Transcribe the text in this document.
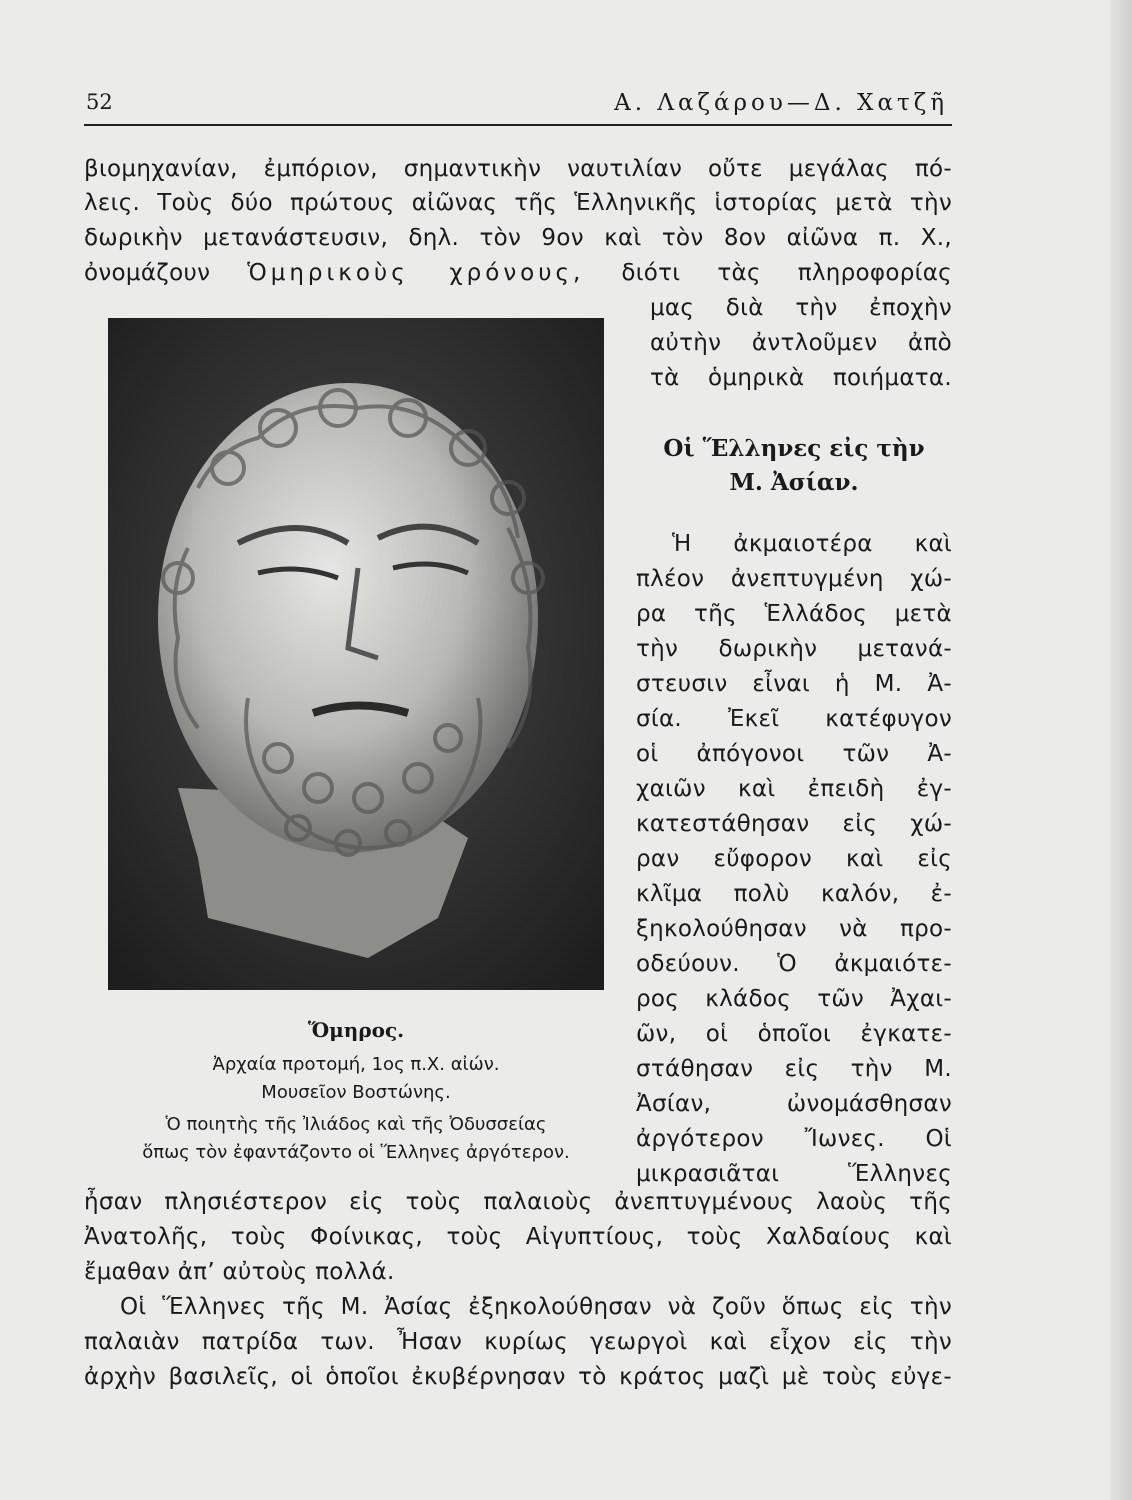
52	Α. Λαζάρου—Δ. Χατζῆ
βιομηχανίαν, ἐμπόριον, σημαντικὴν ναυτιλίαν οὔτε μεγάλας πό-
λεις. Τοὺς δύο πρώτους αἰῶνας τῆς Ἑλληνικῆς ἱστορίας μετὰ τὴν
δωρικὴν μετανάστευσιν, δηλ. τὸν 9ον καὶ τὸν 8ον αἰῶνα π. Χ.,
ὀνομάζουν Ὁμηρικοὺς χρόνους, διότι τὰς πληροφορίας
μας διὰ τὴν ἐποχὴν
αὐτὴν ἀντλοῦμεν ἀπὸ
τὰ ὁμηρικὰ ποιήματα.
Οἱ Ἕλληνες εἰς τὴν
Μ. Ἀσίαν.
Ἡ ἀκμαιοτέρα καὶ
πλέον ἀνεπτυγμένη χώ-
ρα τῆς Ἑλλάδος μετὰ
τὴν δωρικὴν μετανά-
στευσιν εἶναι ἡ Μ. Ἀ-
σία. Ἐκεῖ κατέφυγον
οἱ ἀπόγονοι τῶν Ἀ-
χαιῶν καὶ ἐπειδὴ ἐγ-
κατεστάθησαν εἰς χώ-
ραν εὔφορον καὶ εἰς
κλῖμα πολὺ καλόν, ἐ-
ξηκολούθησαν νὰ προ-
οδεύουν. Ὁ ἀκμαιότε-
ρος κλάδος τῶν Ἀχαι-
ῶν, οἱ ὁποῖοι ἐγκατε-
στάθησαν εἰς τὴν Μ.
Ἀσίαν, ὠνομάσθησαν
ἀργότερον Ἴωνες. Οἱ
μικρασιᾶται Ἕλληνες
Ὅμηρος.
Ἀρχαία προτομή, 1ος π.Χ. αἰών.
Μουσεῖον Βοστώνης.
Ὁ ποιητὴς τῆς Ἰλιάδος καὶ τῆς Ὀδυσσείας
ὅπως τὸν ἐφαντάζοντο οἱ Ἕλληνες ἀργότερον.
ἦσαν πλησιέστερον εἰς τοὺς παλαιοὺς ἀνεπτυγμένους λαοὺς τῆς
Ἀνατολῆς, τοὺς Φοίνικας, τοὺς Αἰγυπτίους, τοὺς Χαλδαίους καὶ
ἔμαθαν ἀπ’ αὐτοὺς πολλά.
Οἱ Ἕλληνες τῆς Μ. Ἀσίας ἐξηκολούθησαν νὰ ζοῦν ὅπως εἰς τὴν
παλαιὰν πατρίδα των. Ἦσαν κυρίως γεωργοὶ καὶ εἶχον εἰς τὴν
ἀρχὴν βασιλεῖς, οἱ ὁποῖοι ἐκυβέρνησαν τὸ κράτος μαζὶ μὲ τοὺς εὐγε-
